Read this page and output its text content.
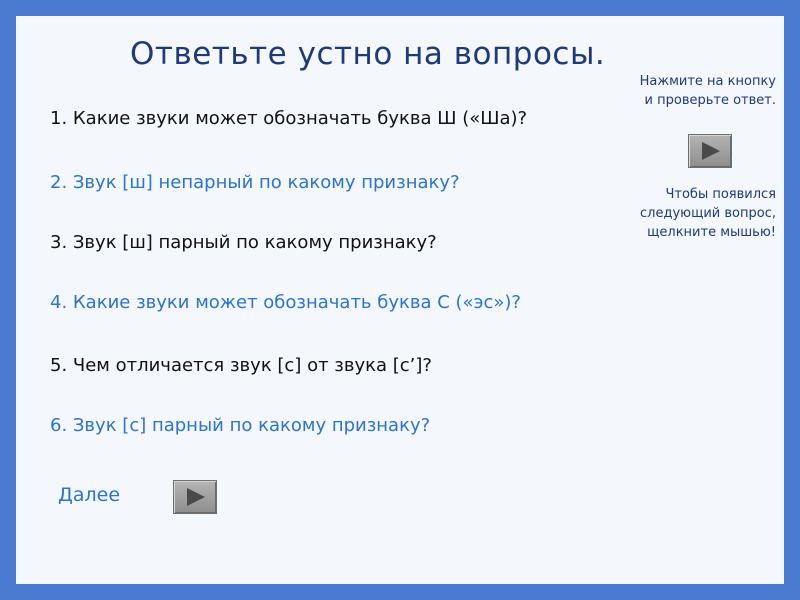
Ответьте устно на вопросы.
1. Какие звуки может обозначать буква Ш («Ша)?
2. Звук [ш] непарный по какому признаку?
3. Звук [ш] парный по какому признаку?
4. Какие звуки может обозначать буква С («эс»)?
5. Чем отличается звук [с] от звука [с’]?
6. Звук [с] парный по какому признаку?
Нажмите на кнопку
и проверьте ответ.
Чтобы появился
следующий вопрос,
щелкните мышью!
Далее
